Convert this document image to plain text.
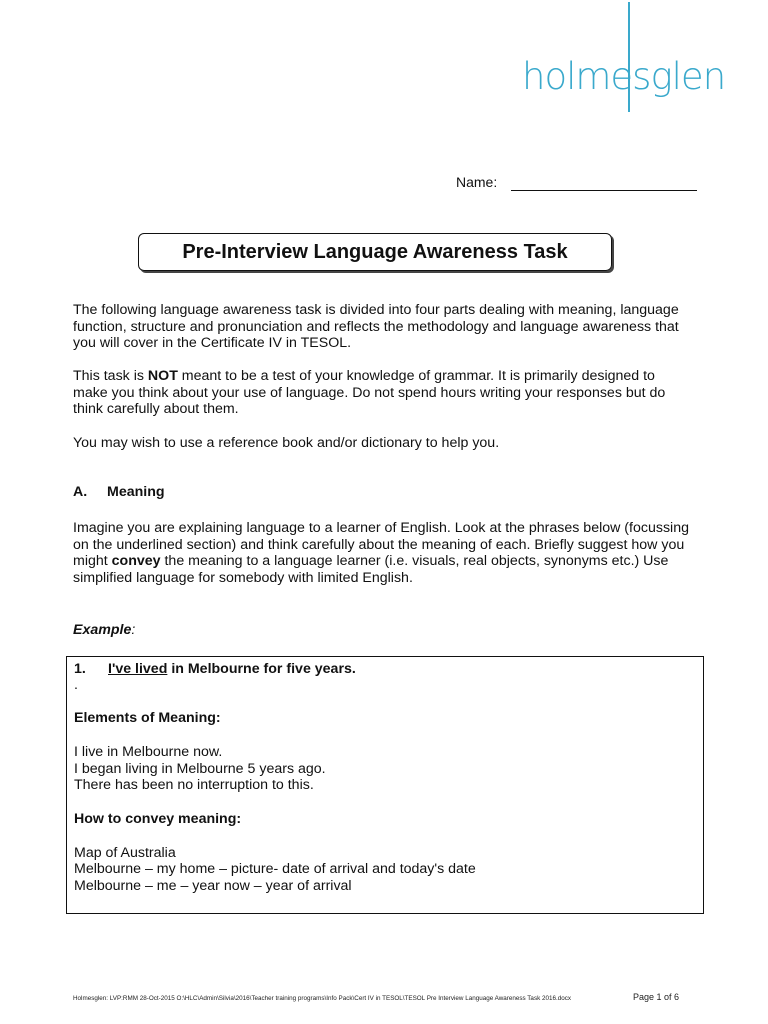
holmesglen
Name:
Pre-Interview Language Awareness Task

The following language awareness task is divided into four parts dealing with meaning, language function, structure and pronunciation and reflects the methodology and language awareness that you will cover in the Certificate IV in TESOL.

This task is NOT meant to be a test of your knowledge of grammar. It is primarily designed to make you think about your use of language. Do not spend hours writing your responses but do think carefully about them.

You may wish to use a reference book and/or dictionary to help you.

A. Meaning

Imagine you are explaining language to a learner of English. Look at the phrases below (focussing on the underlined section) and think carefully about the meaning of each. Briefly suggest how you might convey the meaning to a language learner (i.e. visuals, real objects, synonyms etc.) Use simplified language for somebody with limited English.

Example:

1. I've lived in Melbourne for five years.

.

Elements of Meaning:

I live in Melbourne now.

I began living in Melbourne 5 years ago.

There has been no interruption to this.

How to convey meaning:

Map of Australia

Melbourne – my home – picture- date of arrival and today's date

Melbourne – me – year now – year of arrival

Holmesglen: LVP:RMM 28-Oct-2015 O:\HLC\Admin\Silvia\2016\Teacher training programs\Info Pack\Cert IV in TESOL\TESOL Pre Interview Language Awareness Task 2016.docx	Page 1 of 6
